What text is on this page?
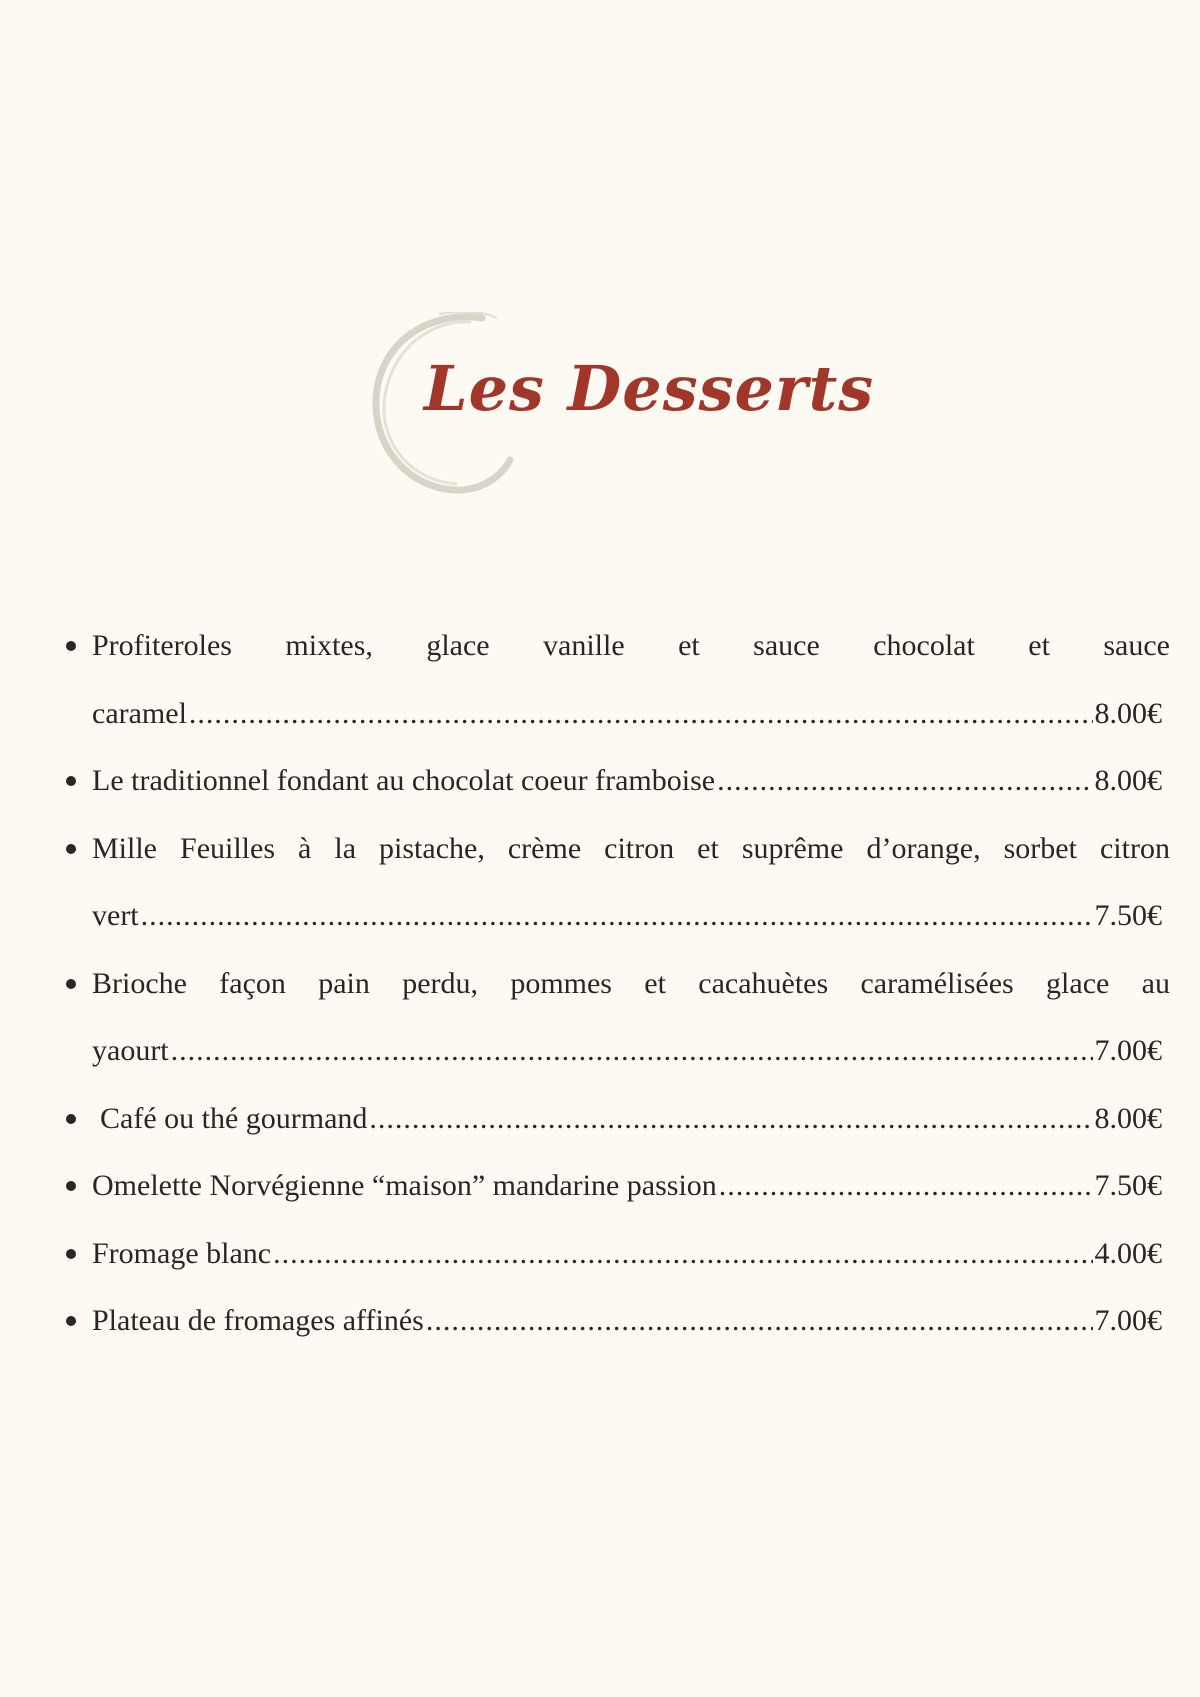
Les Desserts
Profiteroles mixtes, glace vanille et sauce chocolat et sauce
caramel .....	8.00€
Le traditionnel fondant au chocolat coeur framboise .....	8.00€
Mille Feuilles à la pistache, crème citron et suprême d’orange, sorbet citron
vert .....	7.50€
Brioche façon pain perdu, pommes et cacahuètes caramélisées glace au
yaourt .....	7.00€
Café ou thé gourmand .....	8.00€
Omelette Norvégienne “maison” mandarine passion .....	7.50€
Fromage blanc .....	4.00€
Plateau de fromages affinés .....	7.00€
